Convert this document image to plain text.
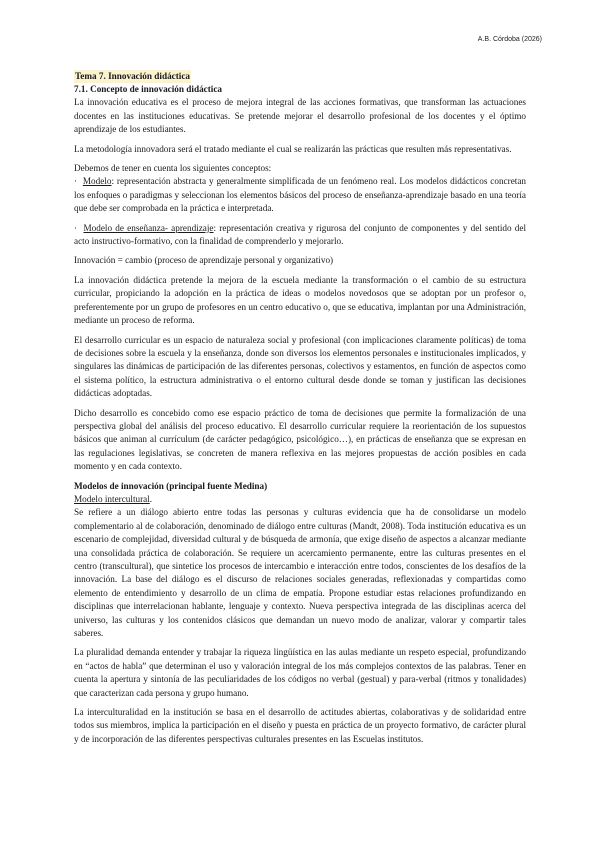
A.B. Córdoba (2026)
Tema 7. Innovación didáctica
7.1. Concepto de innovación didáctica

La innovación educativa es el proceso de mejora integral de las acciones formativas, que transforman las actuaciones docentes en las instituciones educativas. Se pretende mejorar el desarrollo profesional de los docentes y el óptimo aprendizaje de los estudiantes.

La metodología innovadora será el tratado mediante el cual se realizarán las prácticas que resulten más representativas.

Debemos de tener en cuenta los siguientes conceptos:

·  Modelo: representación abstracta y generalmente simplificada de un fenómeno real. Los modelos didácticos concretan los enfoques o paradigmas y seleccionan los elementos básicos del proceso de enseñanza-aprendizaje basado en una teoría que debe ser comprobada en la práctica e interpretada.

·  Modelo de enseñanza- aprendizaje: representación creativa y rigurosa del conjunto de componentes y del sentido del acto instructivo-formativo, con la finalidad de comprenderlo y mejorarlo.

Innovación = cambio (proceso de aprendizaje personal y organizativo)

La innovación didáctica pretende la mejora de la escuela mediante la transformación o el cambio de su estructura curricular, propiciando la adopción en la práctica de ideas o modelos novedosos que se adoptan por un profesor o, preferentemente por un grupo de profesores en un centro educativo o, que se educativa, implantan por una Administración, mediante un proceso de reforma.

El desarrollo curricular es un espacio de naturaleza social y profesional (con implicaciones claramente políticas) de toma de decisiones sobre la escuela y la enseñanza, donde son diversos los elementos personales e institucionales implicados, y singulares las dinámicas de participación de las diferentes personas, colectivos y estamentos, en función de aspectos como el sistema político, la estructura administrativa o el entorno cultural desde donde se toman y justifican las decisiones didácticas adoptadas.

Dicho desarrollo es concebido como ese espacio práctico de toma de decisiones que permite la formalización de una perspectiva global del análisis del proceso educativo. El desarrollo curricular requiere la reorientación de los supuestos básicos que animan al currículum (de carácter pedagógico, psicológico…), en prácticas de enseñanza que se expresan en las regulaciones legislativas, se concreten de manera reflexiva en las mejores propuestas de acción posibles en cada momento y en cada contexto.

Modelos de innovación (principal fuente Medina)
Modelo intercultural.

Se refiere a un diálogo abierto entre todas las personas y culturas evidencia que ha de consolidarse un modelo complementario al de colaboración, denominado de diálogo entre culturas (Mandt, 2008). Toda institución educativa es un escenario de complejidad, diversidad cultural y de búsqueda de armonía, que exige diseño de aspectos a alcanzar mediante una consolidada práctica de colaboración. Se requiere un acercamiento permanente, entre las culturas presentes en el centro (transcultural), que sintetice los procesos de intercambio e interacción entre todos, conscientes de los desafíos de la innovación. La base del diálogo es el discurso de relaciones sociales generadas, reflexionadas y compartidas como elemento de entendimiento y desarrollo de un clima de empatía. Propone estudiar estas relaciones profundizando en disciplinas que interrelacionan hablante, lenguaje y contexto. Nueva perspectiva integrada de las disciplinas acerca del universo, las culturas y los contenidos clásicos que demandan un nuevo modo de analizar, valorar y compartir tales saberes.

La pluralidad demanda entender y trabajar la riqueza lingüística en las aulas mediante un respeto especial, profundizando en “actos de habla” que determinan el uso y valoración integral de los más complejos contextos de las palabras. Tener en cuenta la apertura y sintonía de las peculiaridades de los códigos no verbal (gestual) y para-verbal (ritmos y tonalidades) que caracterizan cada persona y grupo humano.

La interculturalidad en la institución se basa en el desarrollo de actitudes abiertas, colaborativas y de solidaridad entre todos sus miembros, implica la participación en el diseño y puesta en práctica de un proyecto formativo, de carácter plural y de incorporación de las diferentes perspectivas culturales presentes en las Escuelas institutos.
